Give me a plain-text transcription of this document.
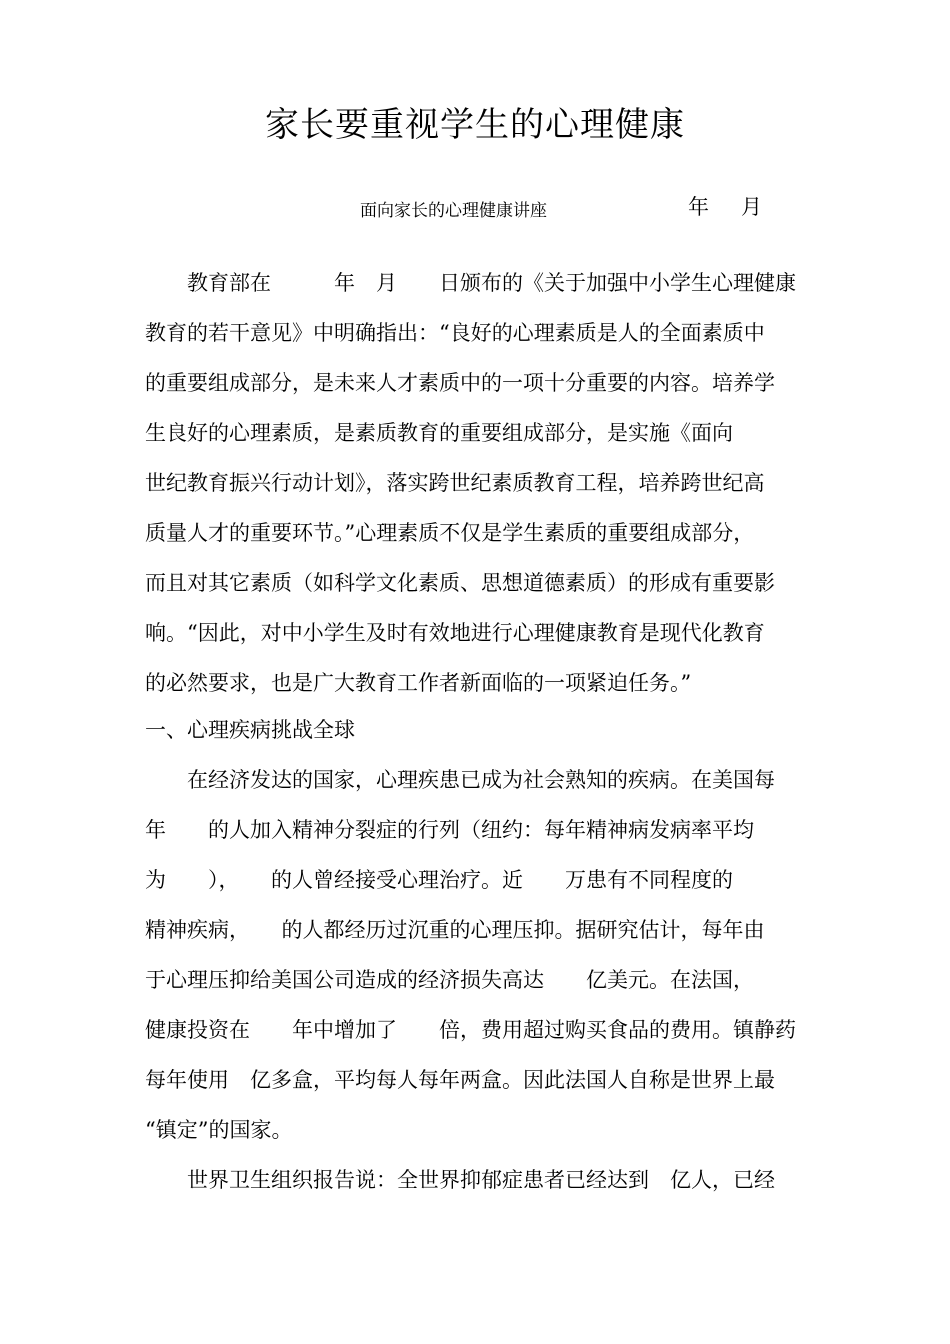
家长要重视学生的心理健康
面向家长的心理健康讲座	年 月
　　教育部在　　　年　月　　日颁布的《关于加强中小学生心理健康
教育的若干意见》中明确指出：“良好的心理素质是人的全面素质中
的重要组成部分，是未来人才素质中的一项十分重要的内容。培养学
生良好的心理素质，是素质教育的重要组成部分，是实施《面向
世纪教育振兴行动计划》，落实跨世纪素质教育工程，培养跨世纪高
质量人才的重要环节。”心理素质不仅是学生素质的重要组成部分，
而且对其它素质（如科学文化素质、思想道德素质）的形成有重要影
响。“因此，对中小学生及时有效地进行心理健康教育是现代化教育
的必然要求，也是广大教育工作者新面临的一项紧迫任务。”
一、心理疾病挑战全球
　　在经济发达的国家，心理疾患已成为社会熟知的疾病。在美国每
年　　的人加入精神分裂症的行列（纽约：每年精神病发病率平均
为　　），　　的人曾经接受心理治疗。近　　万患有不同程度的
精神疾病，　　的人都经历过沉重的心理压抑。据研究估计，每年由
于心理压抑给美国公司造成的经济损失高达　　亿美元。在法国，
健康投资在　　年中增加了　　倍，费用超过购买食品的费用。镇静药
每年使用　亿多盒，平均每人每年两盒。因此法国人自称是世界上最
“镇定”的国家。
　　世界卫生组织报告说：全世界抑郁症患者已经达到　亿人，已经
